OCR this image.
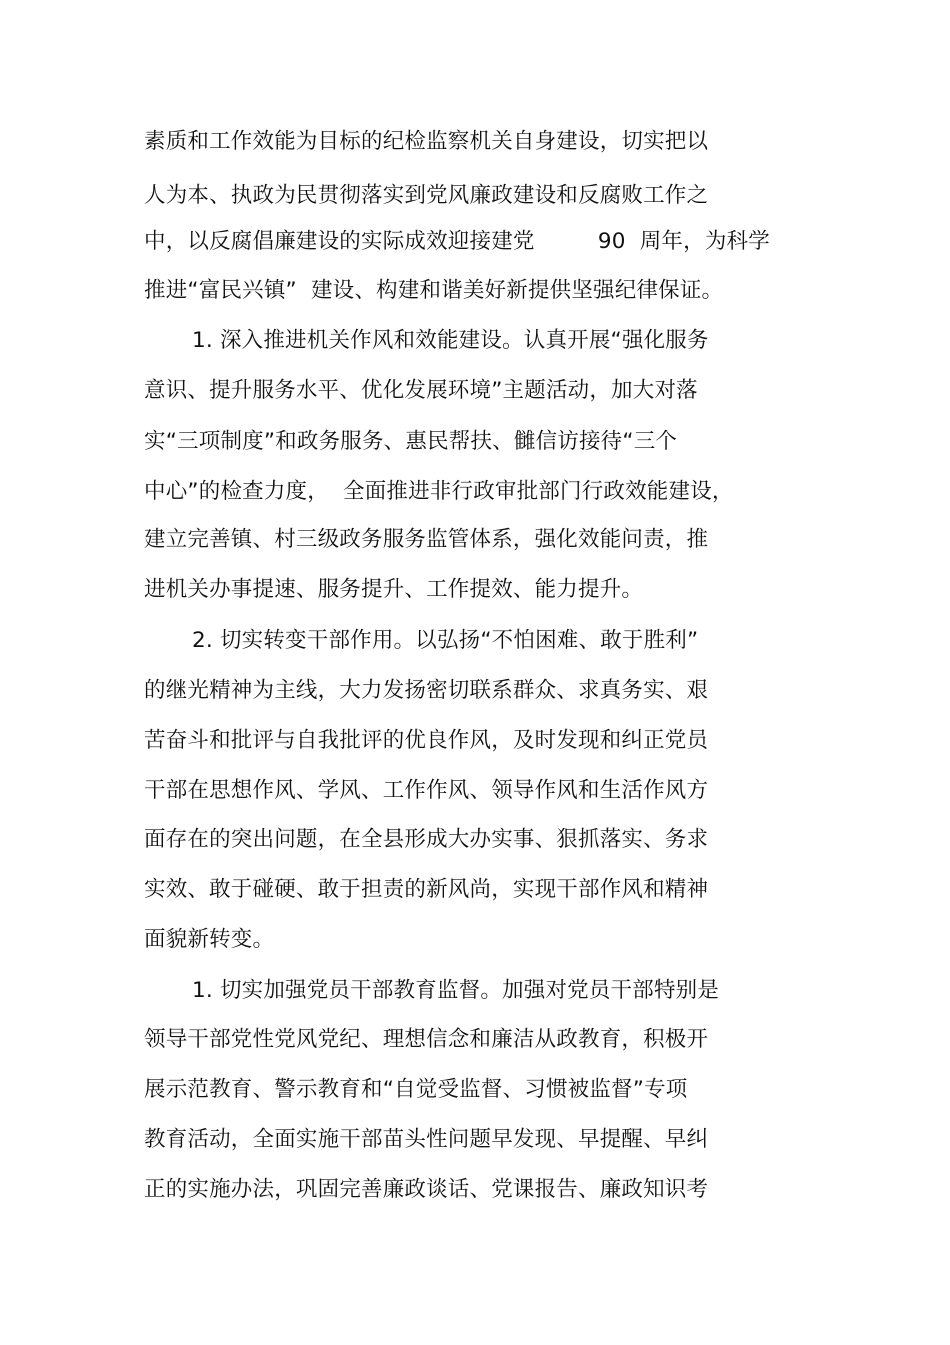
素质和工作效能为目标的纪检监察机关自身建设，切实把以
人为本、执政为民贯彻落实到党风廉政建设和反腐败工作之
中，以反腐倡廉建设的实际成效迎接建党         90  周年，为科学
推进“富民兴镇”  建设、构建和谐美好新提供坚强纪律保证。
1. 深入推进机关作风和效能建设。认真开展“强化服务
意识、提升服务水平、优化发展环境”主题活动，加大对落
实“三项制度”和政务服务、惠民帮扶、雠信访接待“三个
中心”的检查力度，  全面推进非行政审批部门行政效能建设，
建立完善镇、村三级政务服务监管体系，强化效能问责，推
进机关办事提速、服务提升、工作提效、能力提升。
2. 切实转变干部作用。以弘扬“不怕困难、敢于胜利”
的继光精神为主线，大力发扬密切联系群众、求真务实、艰
苦奋斗和批评与自我批评的优良作风，及时发现和纠正党员
干部在思想作风、学风、工作作风、领导作风和生活作风方
面存在的突出问题，在全县形成大办实事、狠抓落实、务求
实效、敢于碰硬、敢于担责的新风尚，实现干部作风和精神
面貌新转变。
1. 切实加强党员干部教育监督。加强对党员干部特别是
领导干部党性党风党纪、理想信念和廉洁从政教育，积极开
展示范教育、警示教育和“自觉受监督、习惯被监督”专项
教育活动，全面实施干部苗头性问题早发现、早提醒、早纠
正的实施办法，巩固完善廉政谈话、党课报告、廉政知识考
